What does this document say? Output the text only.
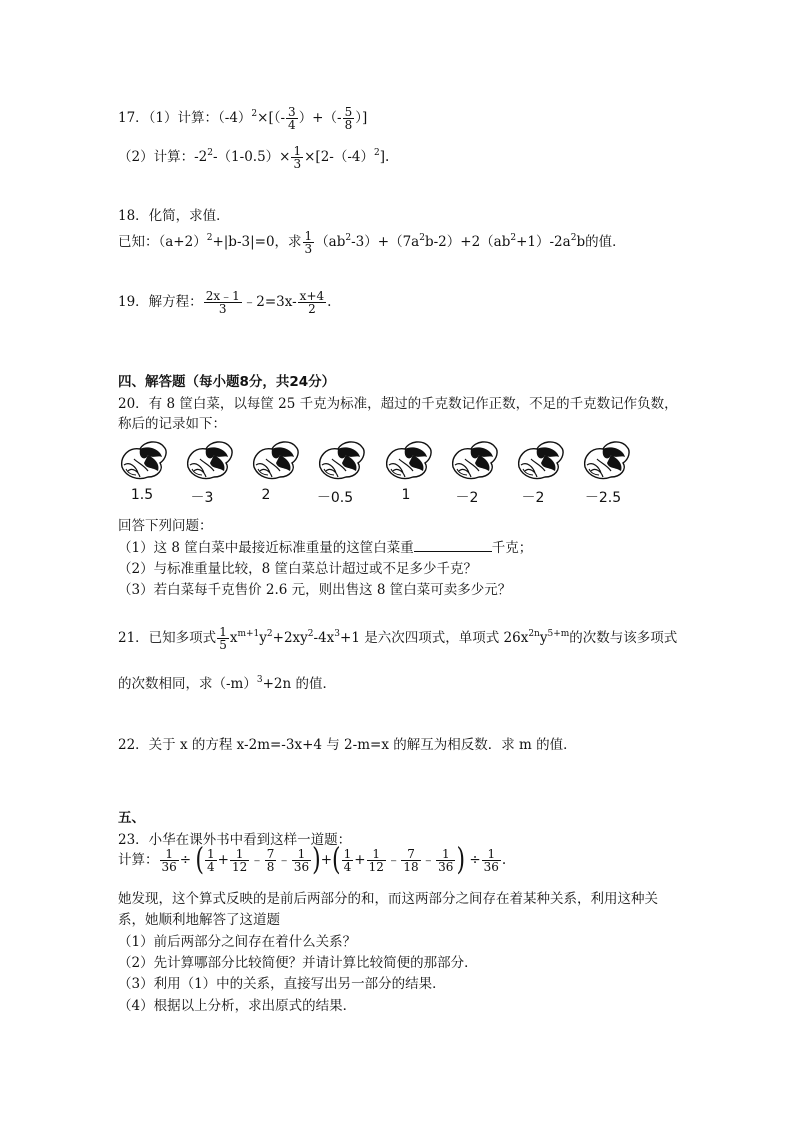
17．（1）计算：$(-4)^2\times[(- \frac{3}{4}$ ）+（- $\frac{5}{8}$ ）]
（2）计算：$-2^2-(1-0.5)\times \frac{1}{3} \times[2-(-4)^2]$.
18．化简，求值．
已知：$(a+2)^2+|b-3|=0$，求 $\frac{1}{3} (ab^2-3)+(7a^2b-2)+2(ab^2+1)-2a^2b$的值．
19．解方程： $\frac{2x﹣1}{3}$ ﹣2=3x- $\frac{x+4}{2}$ .
四、解答题（每小题8分，共24分）
20．有 8 筐白菜，以每筐 25 千克为标准，超过的千克数记作正数，不足的千克数记作负数，
称后的记录如下：
1.5	－3	2	－0.5	1	－2	－2	－2.5
回答下列问题：
（1）这 8 筐白菜中最接近标准重量的这筐白菜重	千克；
（2）与标准重量比较，8 筐白菜总计超过或不足多少千克？
（3）若白菜每千克售价 2.6 元，则出售这 8 筐白菜可卖多少元？
21．已知多项式 $\frac{1}{5} x^{m+1}y^2+2xy^2-4x^3+1$ 是六次四项式，单项式 $26x^{2n}y^{5+m}$的次数与该多项式
的次数相同，求$(-m)^3+2n$ 的值．
22．关于 x 的方程 x-2m=-3x+4 与 2-m=x 的解互为相反数．求 m 的值．
五、
23．小华在课外书中看到这样一道题：
计算： $\frac{1}{36}$ ÷ ( $\frac{1}{4} + \frac{1}{12}$ ﹣ $\frac{7}{8}$ ﹣ $\frac{1}{36}$ )+( $\frac{1}{4} + \frac{1}{12}$ ﹣ $\frac{7}{18}$ ﹣ $\frac{1}{36}$ ) ÷ $\frac{1}{36}$ .
她发现，这个算式反映的是前后两部分的和，而这两部分之间存在着某种关系，利用这种关
系，她顺利地解答了这道题
（1）前后两部分之间存在着什么关系？
（2）先计算哪部分比较简便？并请计算比较简便的那部分．
（3）利用（1）中的关系，直接写出另一部分的结果．
（4）根据以上分析，求出原式的结果．
